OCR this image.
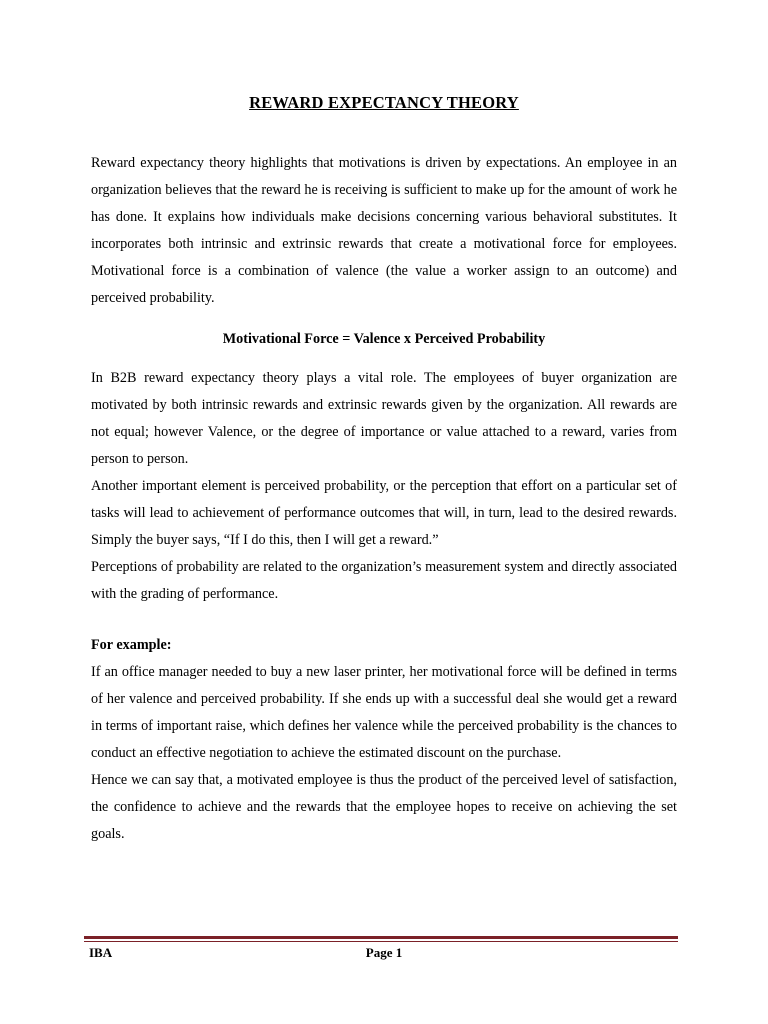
REWARD EXPECTANCY THEORY

Reward expectancy theory highlights that motivations is driven by expectations. An employee in an organization believes that the reward he is receiving is sufficient to make up for the amount of work he has done. It explains how individuals make decisions concerning various behavioral substitutes. It incorporates both intrinsic and extrinsic rewards that create a motivational force for employees. Motivational force is a combination of valence (the value a worker assign to an outcome) and perceived probability.

Motivational Force = Valence x Perceived Probability

In B2B reward expectancy theory plays a vital role. The employees of buyer organization are motivated by both intrinsic rewards and extrinsic rewards given by the organization. All rewards are not equal; however Valence, or the degree of importance or value attached to a reward, varies from person to person.

Another important element is perceived probability, or the perception that effort on a particular set of tasks will lead to achievement of performance outcomes that will, in turn, lead to the desired rewards. Simply the buyer says, “If I do this, then I will get a reward.”

Perceptions of probability are related to the organization’s measurement system and directly associated with the grading of performance.

For example:

If an office manager needed to buy a new laser printer, her motivational force will be defined in terms of her valence and perceived probability. If she ends up with a successful deal she would get a reward in terms of important raise, which defines her valence while the perceived probability is the chances to conduct an effective negotiation to achieve the estimated discount on the purchase.

Hence we can say that, a motivated employee is thus the product of the perceived level of satisfaction, the confidence to achieve and the rewards that the employee hopes to receive on achieving the set goals.

IBA	Page 1
